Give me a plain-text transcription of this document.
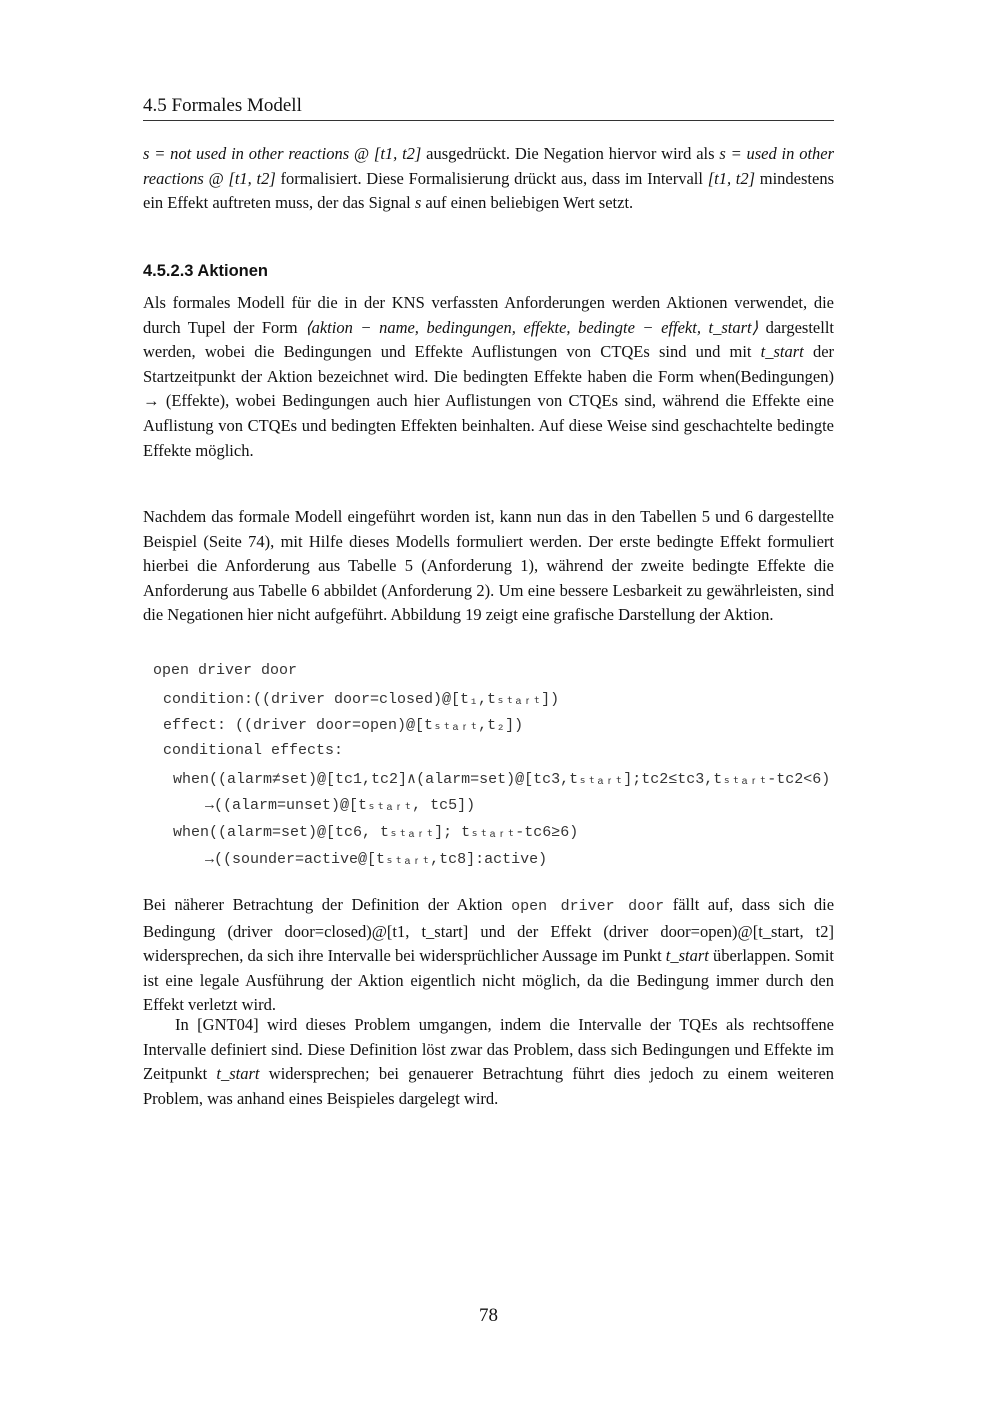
4.5 Formales Modell
s = not used in other reactions @ [t1, t2] ausgedrückt. Die Negation hiervor wird als s = used in other reactions @ [t1, t2] formalisiert. Diese Formalisierung drückt aus, dass im Intervall [t1, t2] mindestens ein Effekt auftreten muss, der das Signal s auf einen beliebigen Wert setzt.
4.5.2.3 Aktionen
Als formales Modell für die in der KNS verfassten Anforderungen werden Aktionen verwendet, die durch Tupel der Form ⟨aktion − name, bedingungen, effekte, bedingte − effekt, t_start⟩ dargestellt werden, wobei die Bedingungen und Effekte Auflistungen von CTQEs sind und mit t_start der Startzeitpunkt der Aktion bezeichnet wird. Die bedingten Effekte haben die Form when(Bedingungen) → (Effekte), wobei Bedingungen auch hier Auflistungen von CTQEs sind, während die Effekte eine Auflistung von CTQEs und bedingten Effekten beinhalten. Auf diese Weise sind geschachtelte bedingte Effekte möglich.
Nachdem das formale Modell eingeführt worden ist, kann nun das in den Tabellen 5 und 6 dargestellte Beispiel (Seite 74), mit Hilfe dieses Modells formuliert werden. Der erste bedingte Effekt formuliert hierbei die Anforderung aus Tabelle 5 (Anforderung 1), während der zweite bedingte Effekte die Anforderung aus Tabelle 6 abbildet (Anforderung 2). Um eine bessere Lesbarkeit zu gewährleisten, sind die Negationen hier nicht aufgeführt. Abbildung 19 zeigt eine grafische Darstellung der Aktion.
open driver door
condition:((driver door=closed)@[t₁,tₛₜₐᵣₜ])
effect: ((driver door=open)@[tₛₜₐᵣₜ,t₂])
conditional effects:
when((alarm≠set)@[tc1,tc2]∧(alarm=set)@[tc3,tₛₜₐᵣₜ];tc2≤tc3,tₛₜₐᵣₜ-tc2<6)
→((alarm=unset)@[tₛₜₐᵣₜ, tc5])
when((alarm=set)@[tc6, tₛₜₐᵣₜ]; tₛₜₐᵣₜ-tc6≥6)
→((sounder=active@[tₛₜₐᵣₜ,tc8]:active)
Bei näherer Betrachtung der Definition der Aktion open driver door fällt auf, dass sich die Bedingung (driver door=closed)@[t1, t_start] und der Effekt (driver door=open)@[t_start, t2] widersprechen, da sich ihre Intervalle bei widersprüchlicher Aussage im Punkt t_start überlappen. Somit ist eine legale Ausführung der Aktion eigentlich nicht möglich, da die Bedingung immer durch den Effekt verletzt wird.
In [GNT04] wird dieses Problem umgangen, indem die Intervalle der TQEs als rechtsoffene Intervalle definiert sind. Diese Definition löst zwar das Problem, dass sich Bedingungen und Effekte im Zeitpunkt t_start widersprechen; bei genauerer Betrachtung führt dies jedoch zu einem weiteren Problem, was anhand eines Beispieles dargelegt wird.
78
